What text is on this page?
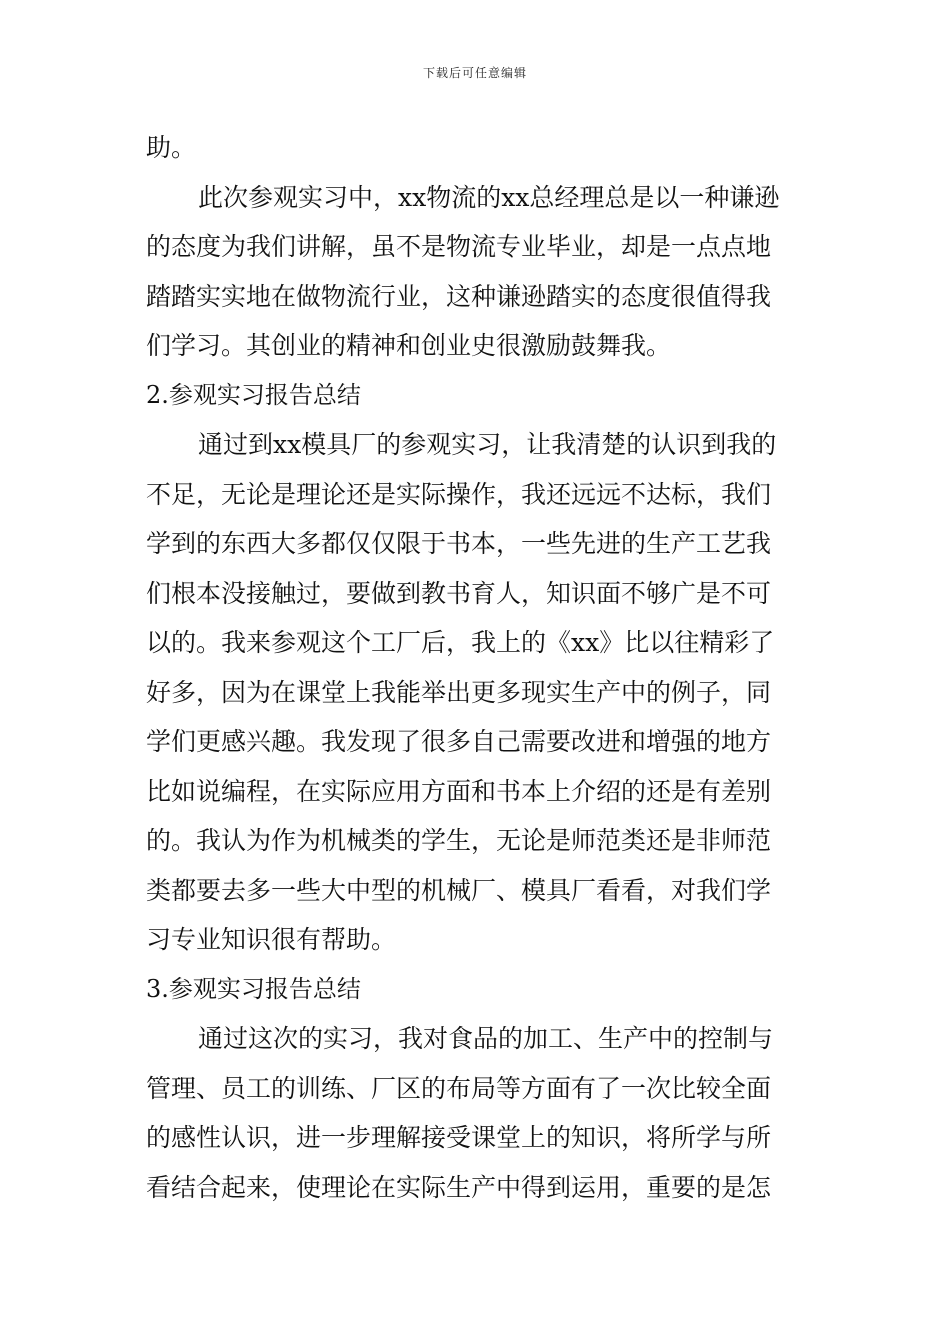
下载后可任意编辑
助。
此次参观实习中，xx物流的xx总经理总是以一种谦逊
的态度为我们讲解，虽不是物流专业毕业，却是一点点地
踏踏实实地在做物流行业，这种谦逊踏实的态度很值得我
们学习。其创业的精神和创业史很激励鼓舞我。
2.参观实习报告总结
通过到xx模具厂的参观实习，让我清楚的认识到我的
不足，无论是理论还是实际操作，我还远远不达标，我们
学到的东西大多都仅仅限于书本，一些先进的生产工艺我
们根本没接触过，要做到教书育人，知识面不够广是不可
以的。我来参观这个工厂后，我上的《xx》比以往精彩了
好多，因为在课堂上我能举出更多现实生产中的例子，同
学们更感兴趣。我发现了很多自己需要改进和增强的地方
比如说编程，在实际应用方面和书本上介绍的还是有差别
的。我认为作为机械类的学生，无论是师范类还是非师范
类都要去多一些大中型的机械厂、模具厂看看，对我们学
习专业知识很有帮助。
3.参观实习报告总结
通过这次的实习，我对食品的加工、生产中的控制与
管理、员工的训练、厂区的布局等方面有了一次比较全面
的感性认识，进一步理解接受课堂上的知识，将所学与所
看结合起来，使理论在实际生产中得到运用，重要的是怎
